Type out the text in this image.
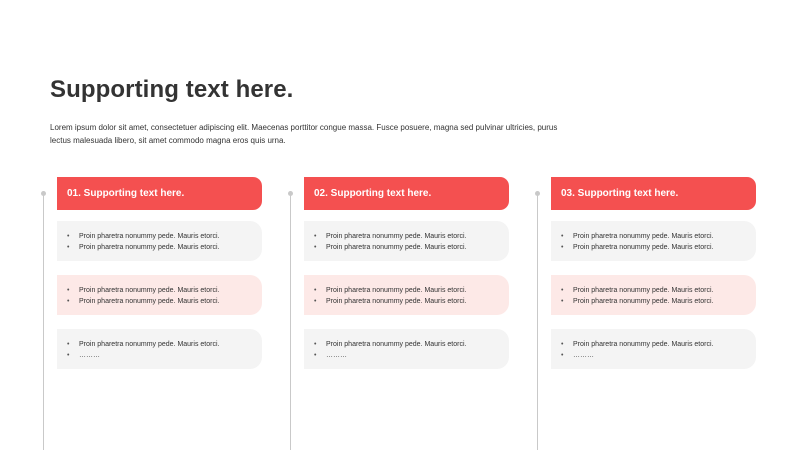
Supporting text here.

Lorem ipsum dolor sit amet, consectetuer adipiscing elit. Maecenas porttitor congue massa. Fusce posuere, magna sed pulvinar ultricies, purus lectus malesuada libero, sit amet commodo magna eros quis urna.

01. Supporting text here.
• Proin pharetra nonummy pede. Mauris etorci.
• Proin pharetra nonummy pede. Mauris etorci.
• Proin pharetra nonummy pede. Mauris etorci.
• Proin pharetra nonummy pede. Mauris etorci.
• Proin pharetra nonummy pede. Mauris etorci.
• ………
02. Supporting text here.
• Proin pharetra nonummy pede. Mauris etorci.
• Proin pharetra nonummy pede. Mauris etorci.
• Proin pharetra nonummy pede. Mauris etorci.
• Proin pharetra nonummy pede. Mauris etorci.
• Proin pharetra nonummy pede. Mauris etorci.
• ………
03. Supporting text here.
• Proin pharetra nonummy pede. Mauris etorci.
• Proin pharetra nonummy pede. Mauris etorci.
• Proin pharetra nonummy pede. Mauris etorci.
• Proin pharetra nonummy pede. Mauris etorci.
• Proin pharetra nonummy pede. Mauris etorci.
• ………
